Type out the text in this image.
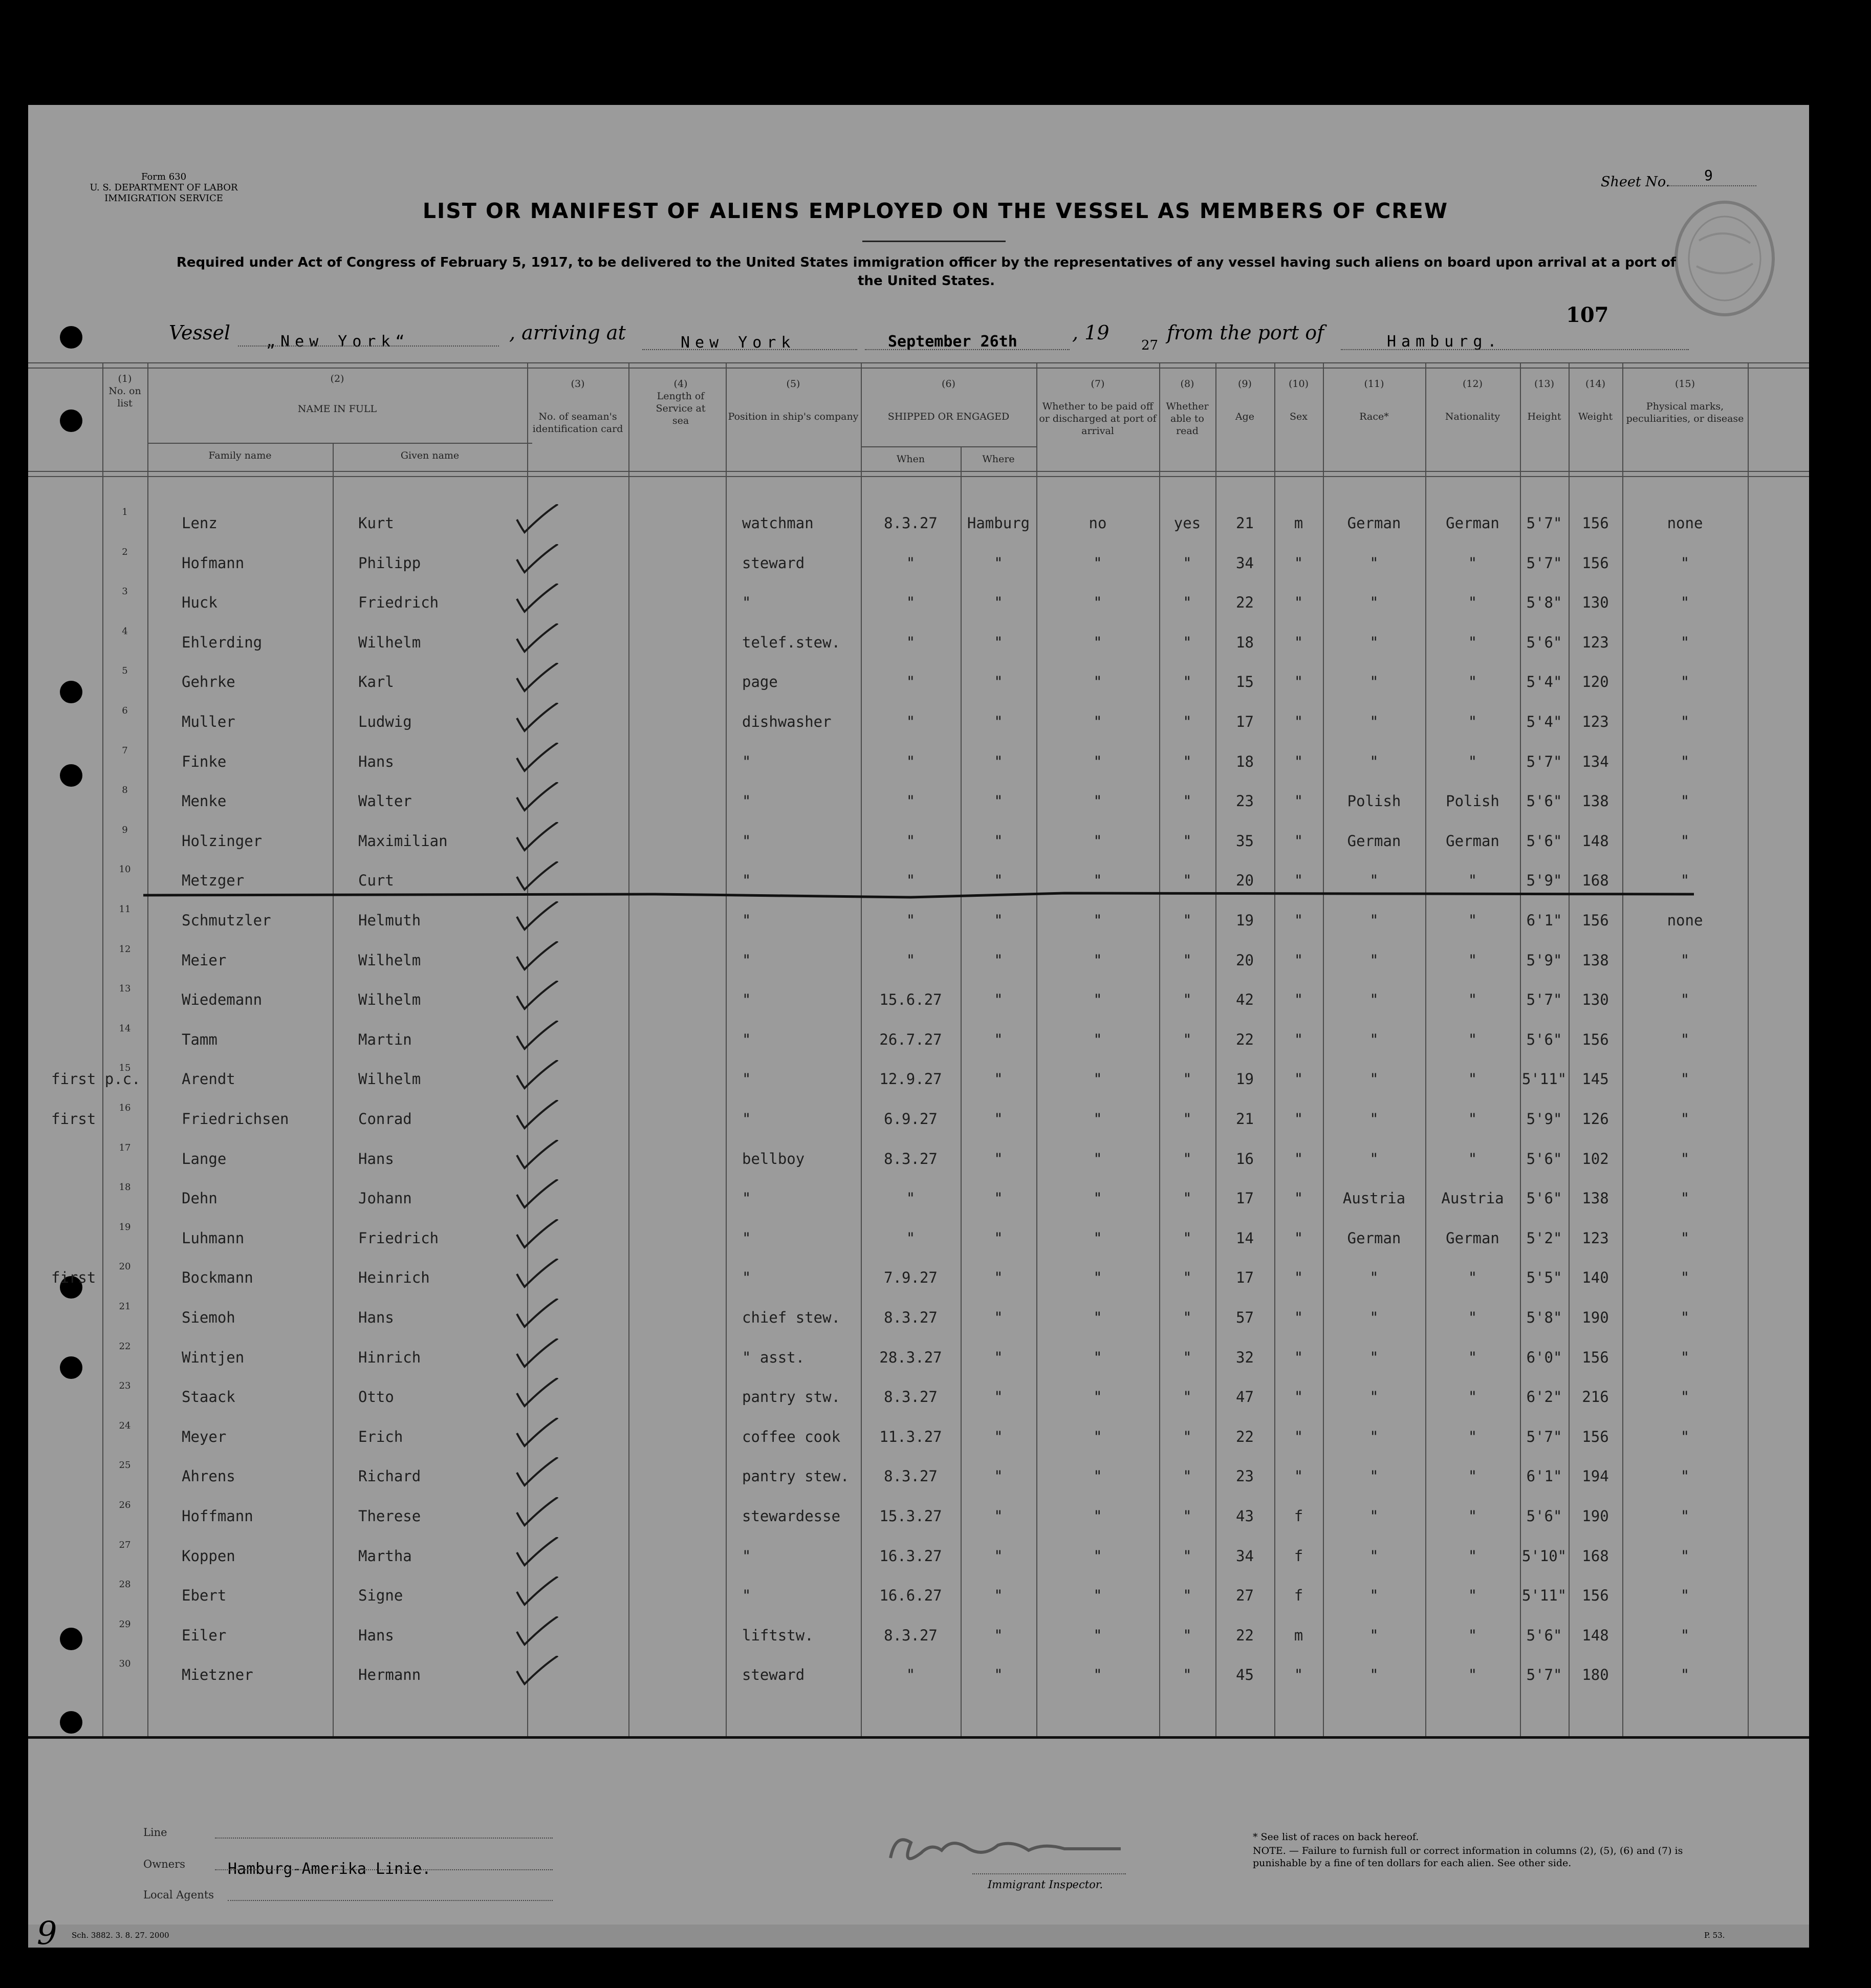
Form 630
U. S. DEPARTMENT OF LABOR
IMMIGRATION SERVICE
Sheet No. 9
LIST OR MANIFEST OF ALIENS EMPLOYED ON THE VESSEL AS MEMBERS OF CREW
Required under Act of Congress of February 5, 1917, to be delivered to the United States immigration officer by the representatives of any vessel having such aliens on board upon arrival at a port of the United States.
Vessel „New York“	, arriving at	New York	September 26th	, 19
27
from the port of	Hamburg.
107
(1)
No. on list
(2)
NAME IN FULL
Family name	Given name
(3)
No. of seaman's identification card
(4)
Length of Service at sea
(5)
Position in ship's company
(6)
SHIPPED OR ENGAGED
When	Where
(7)
Whether to be paid off or discharged at port of arrival
(8)
Whether able to read
(9)
Age
(10)
Sex
(11)
Race*
(12)
Nationality
(13)
Height
(14)
Weight
(15)
Physical marks, peculiarities, or disease
1
Lenz	Kurt	watchman	8.3.27	Hamburg	no	yes	21	m	German	German	5'7"	156	none
2
Hofmann	Philipp	steward	"	"	"	"	34	"	"	"	5'7"	156	"
3
Huck	Friedrich	"	"	"	"	"	22	"	"	"	5'8"	130	"
4
Ehlerding	Wilhelm	telef.stew.	"	"	"	"	18	"	"	"	5'6"	123	"
5
Gehrke	Karl	page	"	"	"	"	15	"	"	"	5'4"	120	"
6
Muller	Ludwig	dishwasher	"	"	"	"	17	"	"	"	5'4"	123	"
7
Finke	Hans	"	"	"	"	"	18	"	"	"	5'7"	134	"
8
Menke	Walter	"	"	"	"	"	23	"	Polish	Polish	5'6"	138	"
9
Holzinger	Maximilian	"	"	"	"	"	35	"	German	German	5'6"	148	"
10
Metzger	Curt	"	"	"	"	"	20	"	"	"	5'9"	168	"
11
Schmutzler	Helmuth	"	"	"	"	"	19	"	"	"	6'1"	156	none
12
Meier	Wilhelm	"	"	"	"	"	20	"	"	"	5'9"	138	"
13
Wiedemann	Wilhelm	"	15.6.27	"	"	"	42	"	"	"	5'7"	130	"
14
Tamm	Martin	"	26.7.27	"	"	"	22	"	"	"	5'6"	156	"
15
first p.c.	Arendt	Wilhelm	"	12.9.27	"	"	"	19	"	"	"	5'11"	145	"
16
first	Friedrichsen	Conrad	"	6.9.27	"	"	"	21	"	"	"	5'9"	126	"
17
Lange	Hans	bellboy	8.3.27	"	"	"	16	"	"	"	5'6"	102	"
18
Dehn	Johann	"	"	"	"	"	17	"	Austria	Austria	5'6"	138	"
19
Luhmann	Friedrich	"	"	"	"	"	14	"	German	German	5'2"	123	"
20
first	Bockmann	Heinrich	"	7.9.27	"	"	"	17	"	"	"	5'5"	140	"
21
Siemoh	Hans	chief stew.	8.3.27	"	"	"	57	"	"	"	5'8"	190	"
22
Wintjen	Hinrich	" asst.	28.3.27	"	"	"	32	"	"	"	6'0"	156	"
23
Staack	Otto	pantry stw.	8.3.27	"	"	"	47	"	"	"	6'2"	216	"
24
Meyer	Erich	coffee cook	11.3.27	"	"	"	22	"	"	"	5'7"	156	"
25
Ahrens	Richard	pantry stew.	8.3.27	"	"	"	23	"	"	"	6'1"	194	"
26
Hoffmann	Therese	stewardesse	15.3.27	"	"	"	43	f	"	"	5'6"	190	"
27
Koppen	Martha	"	16.3.27	"	"	"	34	f	"	"	5'10"	168	"
28
Ebert	Signe	"	16.6.27	"	"	"	27	f	"	"	5'11"	156	"
29
Eiler	Hans	liftstw.	8.3.27	"	"	"	22	m	"	"	5'6"	148	"
30
Mietzner	Hermann	steward	"	"	"	"	45	"	"	"	5'7"	180	"
Line
Owners	Hamburg-Amerika Linie.
Local Agents
Immigrant Inspector.
* See list of races on back hereof.
NOTE. — Failure to furnish full or correct information in columns (2), (5), (6) and (7) is punishable by a fine of ten dollars for each alien. See other side.
Sch. 3882. 3. 8. 27. 2000	P. 53.
9
